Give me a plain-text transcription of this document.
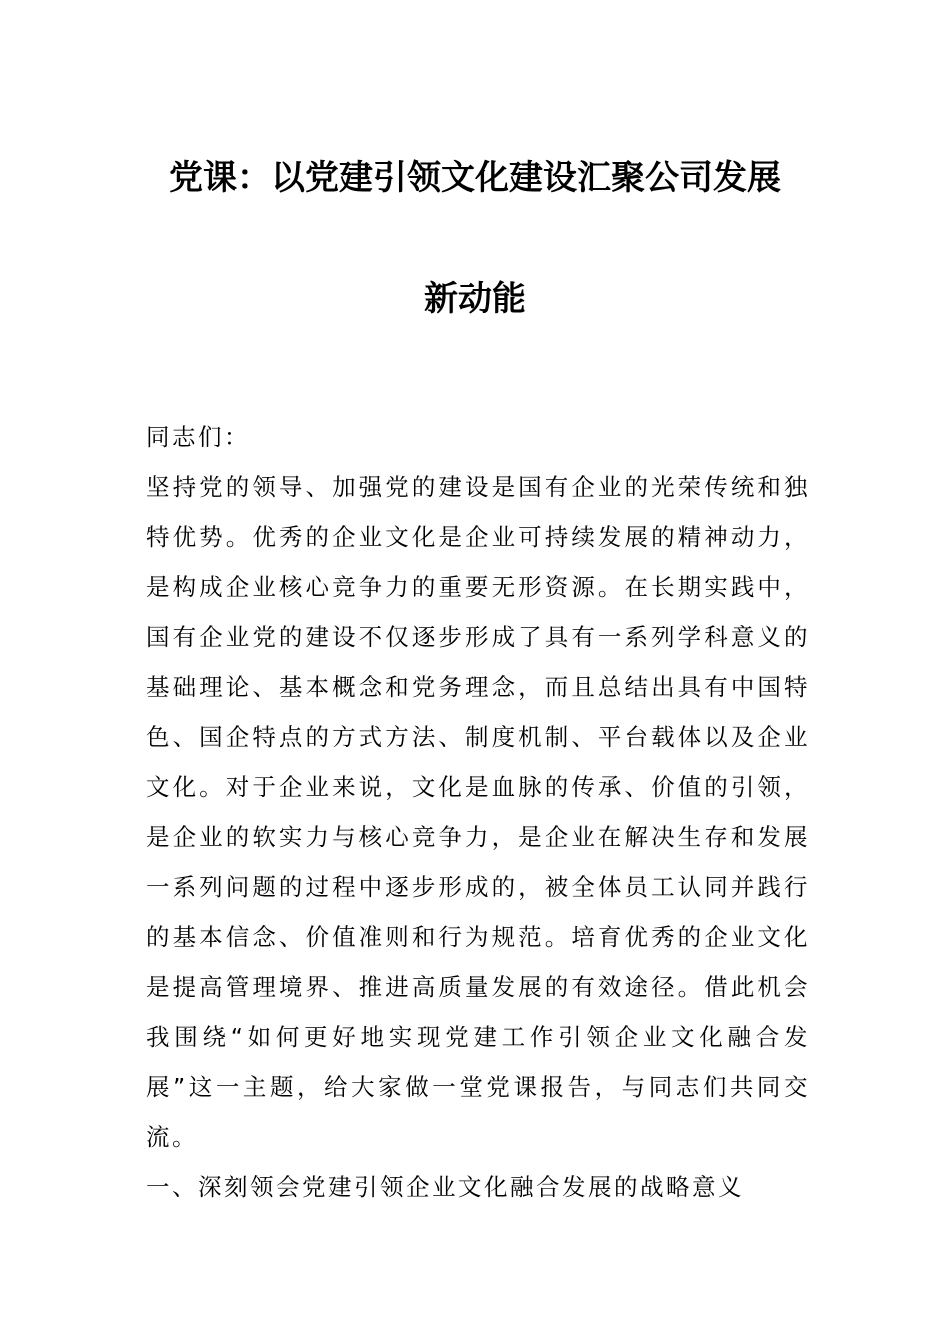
党课：以党建引领文化建设汇聚公司发展
新动能

同志们：

坚持党的领导、加强党的建设是国有企业的光荣传统和独特优势。优秀的企业文化是企业可持续发展的精神动力，是构成企业核心竞争力的重要无形资源。在长期实践中，国有企业党的建设不仅逐步形成了具有一系列学科意义的基础理论、基本概念和党务理念，而且总结出具有中国特色、国企特点的方式方法、制度机制、平台载体以及企业文化。对于企业来说，文化是血脉的传承、价值的引领，是企业的软实力与核心竞争力，是企业在解决生存和发展一系列问题的过程中逐步形成的，被全体员工认同并践行的基本信念、价值准则和行为规范。培育优秀的企业文化是提高管理境界、推进高质量发展的有效途径。借此机会我围绕“如何更好地实现党建工作引领企业文化融合发展”这一主题，给大家做一堂党课报告，与同志们共同交流。

一、深刻领会党建引领企业文化融合发展的战略意义
